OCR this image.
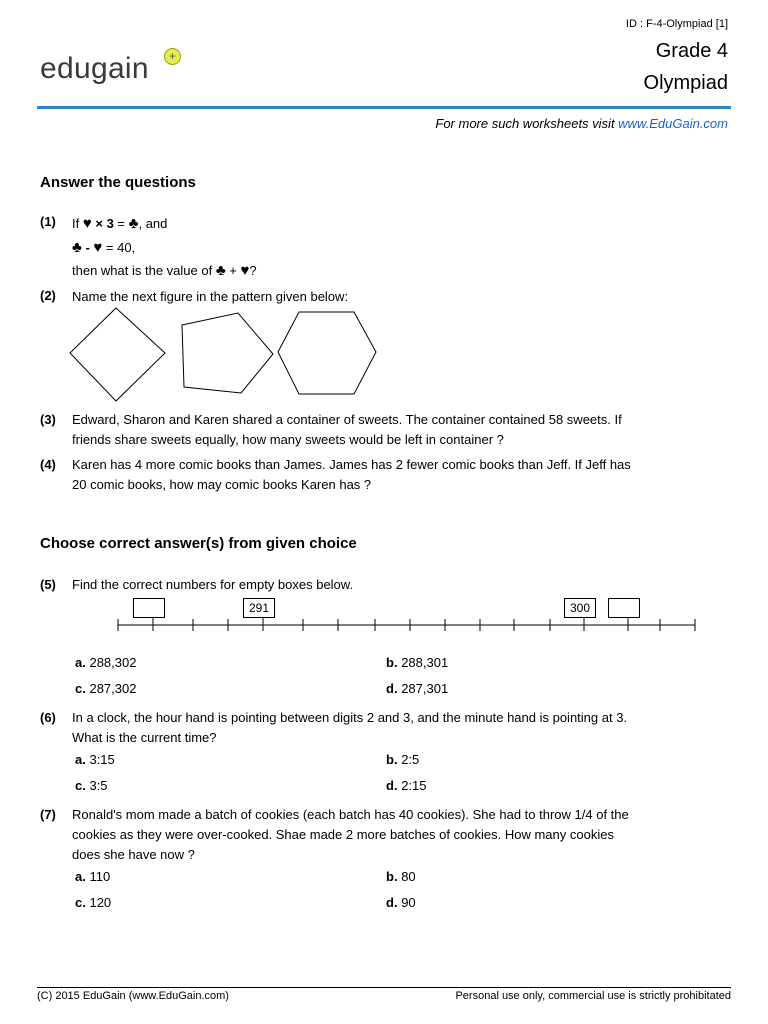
ID : F-4-Olympiad [1]
Grade 4
Olympiad
edugain	+
For more such worksheets visit www.EduGain.com
Answer the questions
(1) If ♥ × 3 = ♣, and
♣ - ♥ = 40,
then what is the value of ♣ + ♥?
(2) Name the next figure in the pattern given below:
(3) Edward, Sharon and Karen shared a container of sweets. The container contained 58 sweets. If
friends share sweets equally, how many sweets would be left in container ?
(4) Karen has 4 more comic books than James. James has 2 fewer comic books than Jeff. If Jeff has
20 comic books, how may comic books Karen has ?
Choose correct answer(s) from given choice
(5) Find the correct numbers for empty boxes below.
291	300
a. 288,302	b. 288,301
c. 287,302	d. 287,301
(6) In a clock, the hour hand is pointing between digits 2 and 3, and the minute hand is pointing at 3.
What is the current time?
a. 3:15	b. 2:5
c. 3:5	d. 2:15
(7) Ronald's mom made a batch of cookies (each batch has 40 cookies). She had to throw 1/4 of the
cookies as they were over-cooked. Shae made 2 more batches of cookies. How many cookies
does she have now ?
a. 110	b. 80
c. 120	d. 90
(C) 2015 EduGain (www.EduGain.com)	Personal use only, commercial use is strictly prohibitated
